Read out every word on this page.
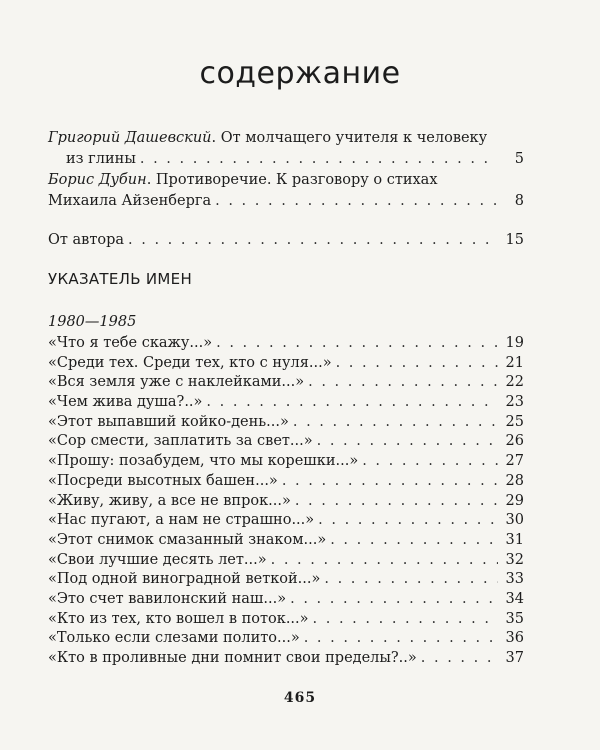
содержание
Григорий Дашевский. От молчащего учителя к человеку
из глины . . .	5
Борис Дубин. Противоречие. К разговору о стихах
Михаила Айзенберга . . .	8
От автора . . .	15
УКАЗАТЕЛЬ ИМЕН
1980—1985
«Что я тебе скажу...» . . .	19
«Среди тех. Среди тех, кто с нуля...» . . .	21
«Вся земля уже с наклейками...» . . .	22
«Чем жива душа?..» . . .	23
«Этот выпавший койко-день...» . . .	25
«Сор смести, заплатить за свет...» . . .	26
«Прошу: позабудем, что мы корешки...» . . .	27
«Посреди высотных башен...» . . .	28
«Живу, живу, а все не впрок...» . . .	29
«Нас пугают, а нам не страшно...» . . .	30
«Этот снимок смазанный знаком...» . . .	31
«Свои лучшие десять лет...» . . .	32
«Под одной виноградной веткой...» . . .	33
«Это счет вавилонский наш...» . . .	34
«Кто из тех, кто вошел в поток...» . . .	35
«Только если слезами полито...» . . .	36
«Кто в проливные дни помнит свои пределы?..» . . .	37
465
